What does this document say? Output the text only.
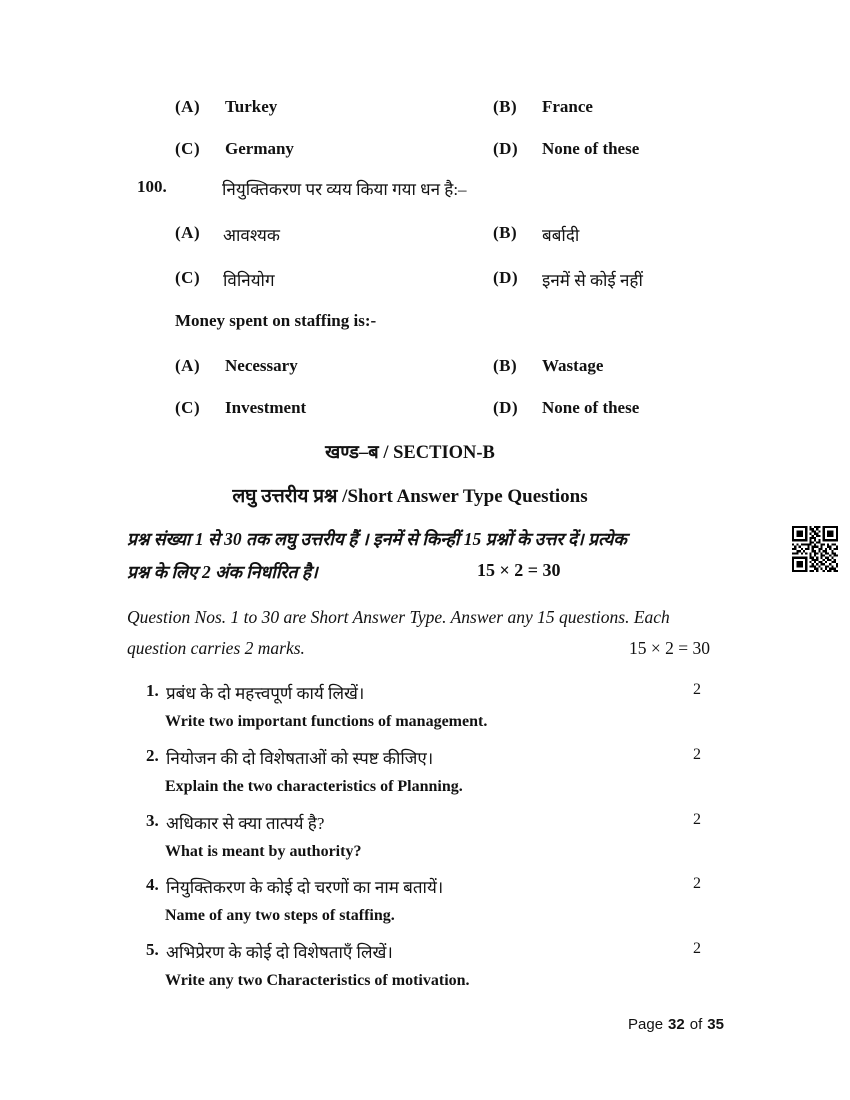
(A) Turkey	(B) France
(C) Germany	(D) None of these
100.	नियुक्तिकरण पर व्यय किया गया धन है:–
(A) आवश्यक	(B) बर्बादी
(C) विनियोग	(D) इनमें से कोई नहीं
Money spent on staffing is:-
(A) Necessary	(B) Wastage
(C) Investment	(D) None of these
खण्ड–ब / SECTION-B
लघु उत्तरीय प्रश्न /Short Answer Type Questions
प्रश्न संख्या 1 से 30 तक लघु उत्तरीय हैं । इनमें से किन्हीं 15 प्रश्नों के उत्तर दें। प्रत्येक
प्रश्न के लिए 2 अंक निर्धारित है।	15 × 2 = 30
Question Nos. 1 to 30 are Short Answer Type. Answer any 15 questions. Each
question carries 2 marks.	15 × 2 = 30
1. प्रबंध के दो महत्त्वपूर्ण कार्य लिखें।	2
Write two important functions of management.
2. नियोजन की दो विशेषताओं को स्पष्ट कीजिए।	2
Explain the two characteristics of Planning.
3. अधिकार से क्या तात्पर्य है?	2
What is meant by authority?
4. नियुक्तिकरण के कोई दो चरणों का नाम बतायें।	2
Name of any two steps of staffing.
5. अभिप्रेरण के कोई दो विशेषताएँ लिखें।	2
Write any two Characteristics of motivation.
Page 32 of 35
